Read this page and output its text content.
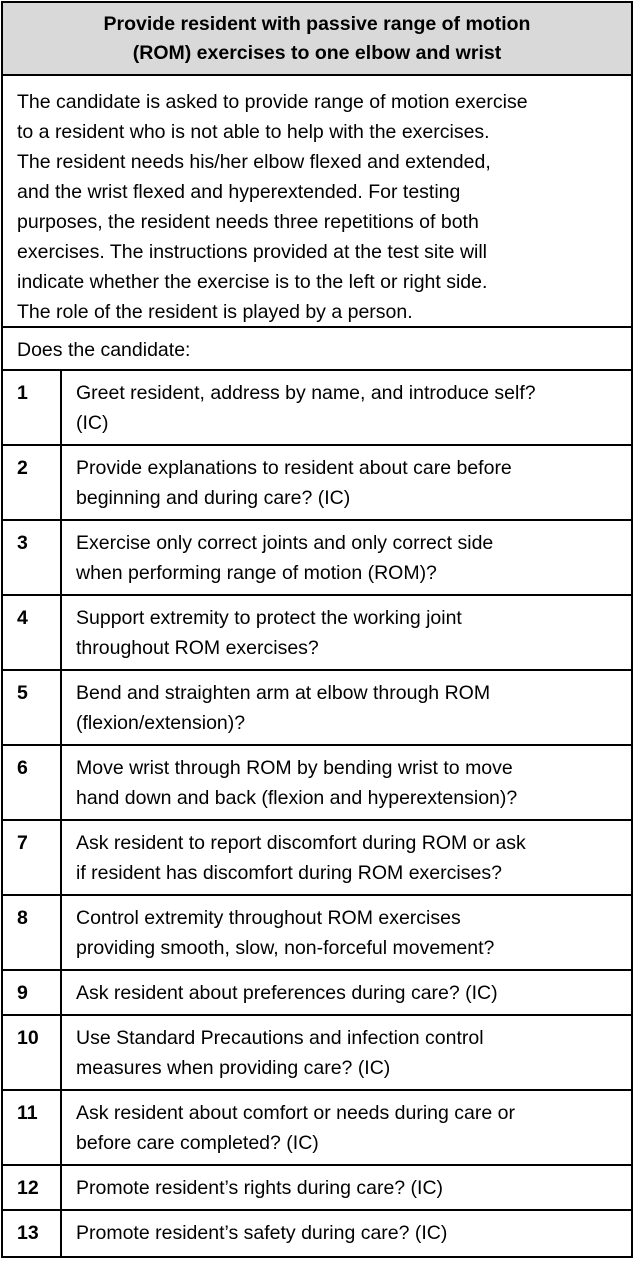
Provide resident with passive range of motion
(ROM) exercises to one elbow and wrist
The candidate is asked to provide range of motion exercise
to a resident who is not able to help with the exercises.
The resident needs his/her elbow flexed and extended,
and the wrist flexed and hyperextended. For testing
purposes, the resident needs three repetitions of both
exercises. The instructions provided at the test site will
indicate whether the exercise is to the left or right side.
The role of the resident is played by a person.
Does the candidate:
1	Greet resident, address by name, and introduce self?
(IC)
2	Provide explanations to resident about care before
beginning and during care? (IC)
3	Exercise only correct joints and only correct side
when performing range of motion (ROM)?
4	Support extremity to protect the working joint
throughout ROM exercises?
5	Bend and straighten arm at elbow through ROM
(flexion/extension)?
6	Move wrist through ROM by bending wrist to move
hand down and back (flexion and hyperextension)?
7	Ask resident to report discomfort during ROM or ask
if resident has discomfort during ROM exercises?
8	Control extremity throughout ROM exercises
providing smooth, slow, non-forceful movement?
9	Ask resident about preferences during care? (IC)
10	Use Standard Precautions and infection control
measures when providing care? (IC)
11	Ask resident about comfort or needs during care or
before care completed? (IC)
12	Promote resident’s rights during care? (IC)
13	Promote resident’s safety during care? (IC)
